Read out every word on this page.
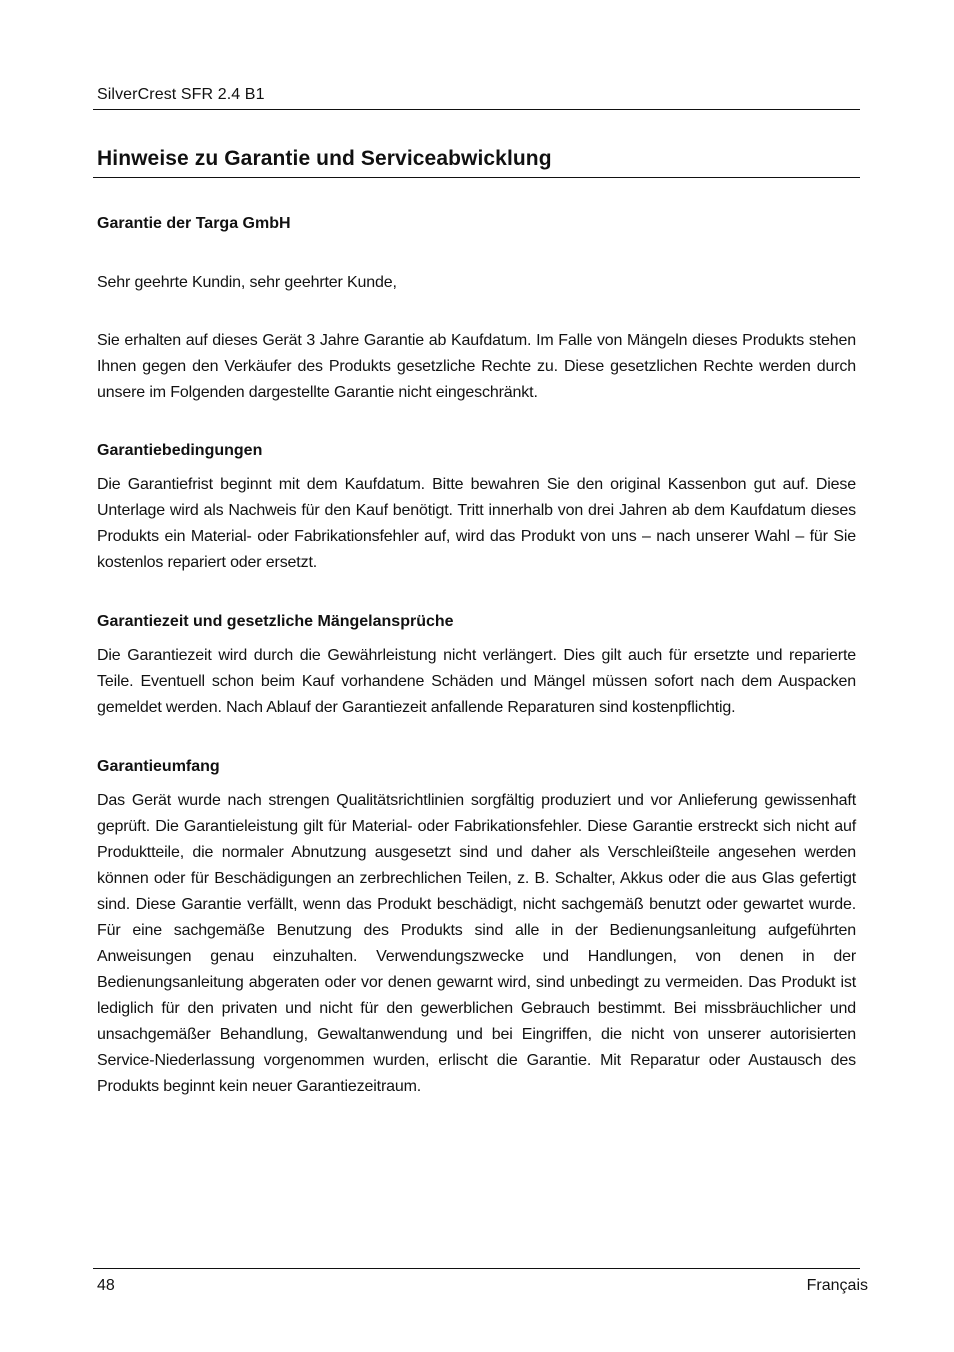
SilverCrest SFR 2.4 B1
Hinweise zu Garantie und Serviceabwicklung
Garantie der Targa GmbH

Sehr geehrte Kundin, sehr geehrter Kunde,

Sie erhalten auf dieses Gerät 3 Jahre Garantie ab Kaufdatum. Im Falle von Mängeln dieses Produkts stehen Ihnen gegen den Verkäufer des Produkts gesetzliche Rechte zu. Diese gesetzlichen Rechte werden durch unsere im Folgenden dargestellte Garantie nicht eingeschränkt.

Garantiebedingungen

Die Garantiefrist beginnt mit dem Kaufdatum. Bitte bewahren Sie den original Kassenbon gut auf. Diese Unterlage wird als Nachweis für den Kauf benötigt. Tritt innerhalb von drei Jahren ab dem Kaufdatum dieses Produkts ein Material- oder Fabrikationsfehler auf, wird das Produkt von uns – nach unserer Wahl – für Sie kostenlos repariert oder ersetzt.

Garantiezeit und gesetzliche Mängelansprüche

Die Garantiezeit wird durch die Gewährleistung nicht verlängert. Dies gilt auch für ersetzte und reparierte Teile. Eventuell schon beim Kauf vorhandene Schäden und Mängel müssen sofort nach dem Auspacken gemeldet werden. Nach Ablauf der Garantiezeit anfallende Reparaturen sind kostenpflichtig.

Garantieumfang

Das Gerät wurde nach strengen Qualitätsrichtlinien sorgfältig produziert und vor Anlieferung gewissenhaft geprüft. Die Garantieleistung gilt für Material- oder Fabrikationsfehler. Diese Garantie erstreckt sich nicht auf Produktteile, die normaler Abnutzung ausgesetzt sind und daher als Verschleißteile angesehen werden können oder für Beschädigungen an zerbrechlichen Teilen, z. B. Schalter, Akkus oder die aus Glas gefertigt sind. Diese Garantie verfällt, wenn das Produkt beschädigt, nicht sachgemäß benutzt oder gewartet wurde. Für eine sachgemäße Benutzung des Produkts sind alle in der Bedienungsanleitung aufgeführten Anweisungen genau einzuhalten. Verwendungszwecke und Handlungen, von denen in der Bedienungsanleitung abgeraten oder vor denen gewarnt wird, sind unbedingt zu vermeiden. Das Produkt ist lediglich für den privaten und nicht für den gewerblichen Gebrauch bestimmt. Bei missbräuchlicher und unsachgemäßer Behandlung, Gewaltanwendung und bei Eingriffen, die nicht von unserer autorisierten Service-Niederlassung vorgenommen wurden, erlischt die Garantie. Mit Reparatur oder Austausch des Produkts beginnt kein neuer Garantiezeitraum.

48	Français
